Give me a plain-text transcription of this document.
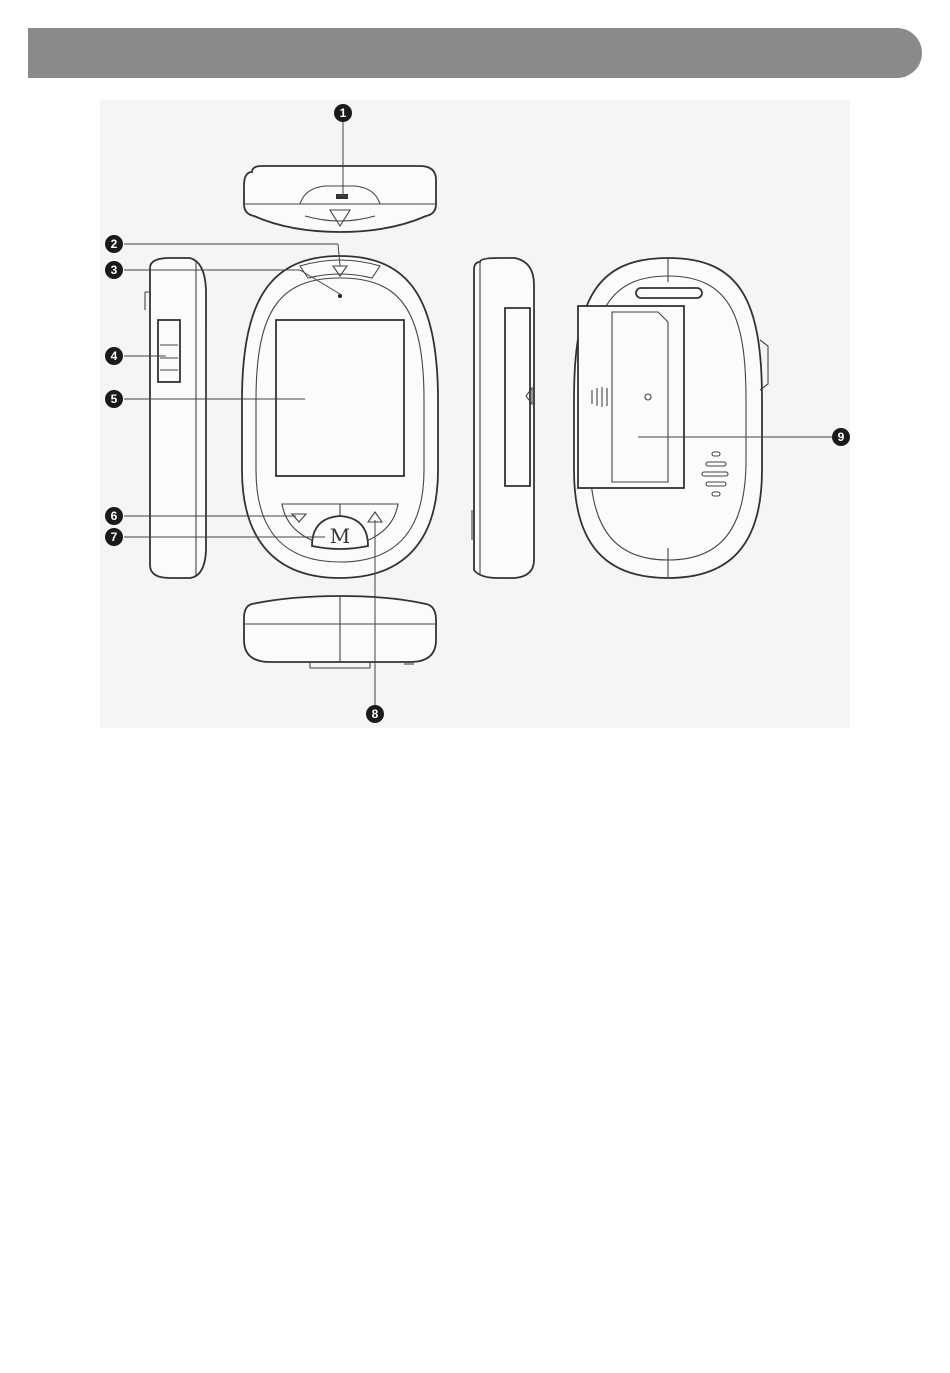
M
1
2
3
4
5
6
7
8
9
